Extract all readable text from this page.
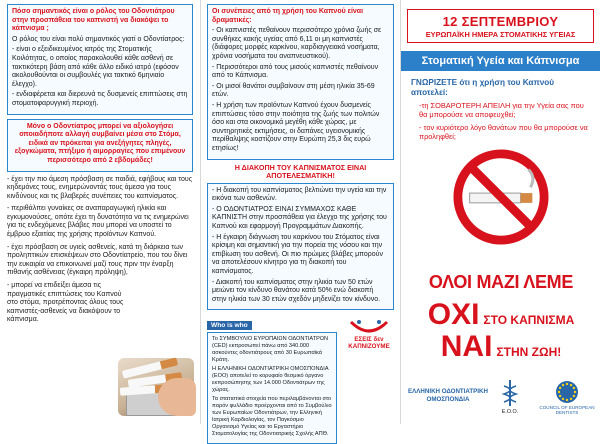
Πόσο σημαντικός είναι ο ρόλος του Οδοντιάτρου στην προσπάθεια του καπνιστή να διακόψει το κάπνισμα ;

Ο ρόλος του είναι πολύ σημαντικός γιατί ο Οδοντίατρος:

- είναι ο εξειδικευμένος ιατρός της Στοματικής Κοιλότητας, ο οποίος παρακολουθεί κάθε ασθενή σε τακτικότερη βάση από κάθε άλλο ειδικό ιατρό (εφόσον ακολουθούνται οι συμβουλές για τακτικό 6μηνιαίο έλεγχο).

- ενδιαφέρεται και διερευνά τις δυσμενείς επιπτώσεις στη στοματοφαρυγγική περιοχή.

Μόνο ο Οδοντίατρος μπορεί να αξιολογήσει οποιαδήποτε αλλαγή συμβαίνει μέσα στο Στόμα, ειδικά αν πρόκειται για ανεξήγητες πληγές, εξογκώματα, πτήξιμο ή αιμορραγίες που επιμένουν περισσότερο από 2 εβδομάδες!

- έχει την πιο άμεση πρόσβαση σε παιδιά, εφήβους και τους κηδεμόνες τους, ενημερώνοντάς τους άμεσα για τους κινδύνους και τις βλαβερές συνέπειες του καπνίσματος.

- περιθάλπει γυναίκες σε αναπαραγωγική ηλικία και εγκυμονούσες, οπότε έχει τη δυνατότητα να τις ενημερώνει για τις ενδεχόμενες βλάβες που μπορεί να υποστεί το έμβρυο εξαιτίας της χρήσης προϊόντων Καπνού.

- έχει πρόσβαση σε υγιείς ασθενείς, κατά τη διάρκεια των προληπτικών επισκέψεων στο Οδοντίατρείο, που του δίνει την ευκαιρία να επικοινωνεί μαζί τους πριν την έναρξη πιθανής ασθένειας (έγκαιρη πρόληψη),

- μπορεί να επιδείξει άμεσα τις πραγματικές επιπτώσεις του Καπνού στο στόμα, προτρέποντας όλους τους καπνιστές-ασθενείς να διακόψουν το κάπνισμα.

Οι συνέπειες από τη χρήση του Καπνού είναι δραματικές:

- Οι καπνιστές πεθαίνουν περισσότερο χρόνια ζωής σε συνθήκες κακής υγείας από 6,11 οι μη καπνιστές (διάφορες μορφές καρκίνου, καρδιαγγειακά νοσήματα, χρόνια νοσήματα του αναπνευστικού).

- Περισσότεροι από τους μισούς καπνιστές πεθαίνουν από το Κάπνισμα.

- Οι μισοί θανάτοι συμβαίνουν στη μέση ηλικία 35-69 ετών.

- Η χρήση των προϊόντων Καπνού έχουν δυσμενείς επιπτώσεις τόσο στην ποιότητα της ζωής των πολιτών όσο και στα οικονομικά μεγέθη κάθε χώρας, με συντηρητικές εκτιμήσεις, οι δαπάνες υγειονομικής περίθαλψης κοστίζουν στην Ευρώπη 25,3 δις ευρώ ετησίως!

Η ΔΙΑΚΟΠΗ ΤΟΥ ΚΑΠΝΙΣΜΑΤΟΣ ΕΙΝΑΙ ΑΠΟΤΕΛΕΣΜΑΤΙΚΗ!

- Η διακοπή του καπνίσματος βελτιώνει την υγεία και την εικόνα των ασθενών.

- Ο ΟΔΟΝΤΙΑΤΡΟΣ ΕΙΝΑΙ ΣΥΜΜΑΧΟΣ ΚΑΘΕ ΚΑΠΝΙΣΤΗ στην προσπάθεια για έλεγχο της χρήσης του Καπνού και εφαρμογή Προγραμμάτων Διακοπής.

- Η έγκαιρη διάγνωση του καρκίνου του Στόματος είναι κρίσιμη και σημαντική για την πορεία της νόσου και την επιβίωση του ασθενή. Οι πιο πρώιμες βλάβες μπορούν να αποτελέσουν κίνητρο για τη διακοπή του καπνίσματος.

- Διακοπή του καπνίσματος στην ηλικία των 50 ετών μειώνει τον κίνδυνο θανάτου κατά 50% ενώ διακοπή στην ηλικία των 30 ετών σχεδόν μηδενίζει τον κίνδυνο.

Who is who

Το ΣΥΜΒΟΥΛΙΟ ΕΥΡΩΠΑΙΩΝ ΟΔΟΝΤΙΑΤΡΩΝ (CED) εκπροσωπεί πάνω από 340.000 ασκούντες οδοντιάτρους από 30 Ευρωπαϊκά Κράτη.

Η ΕΛΛΗΝΙΚΗ ΟΔΟΝΤΙΑΤΡΙΚΗ ΟΜΟΣΠΟΝΔΙΑ (ΕΟΟ) αποτελεί το κορυφαίο θεσμικό όργανο εκπροσώπησης των 14.000 Οδοντιάτρων της χώρας.

Τα στατιστικά στοιχεία που περιλαμβάνονται στο παρόν φυλλάδιο προέρχονται από το Συμβούλιο των Ευρωπαίων Οδοντιάτρων, την Ελληνική Ιατρική Καρδιολογίας, τον Παγκόσμιο Οργανισμό Υγείας και το Εργαστήριο Στοματολογίας της Οδοντιατρικής Σχολής ΑΠΘ.

ΕΣΕΙΣ δεν ΚΑΠΝΙΖΟΥΜΕ
12 ΣΕΠΤΕΜΒΡΙΟΥ
ΕΥΡΩΠΑΪΚΗ ΗΜΕΡΑ ΣΤΟΜΑΤΙΚΗΣ ΥΓΕΙΑΣ
Στοματική Υγεία και Κάπνισμα
ΓΝΩΡΙΖΕΤΕ ότι η χρήση του Καπνού αποτελεί:
-τη ΣΟΒΑΡΟΤΕΡΗ ΑΠΕΙΛΗ για την Υγεία σας που θα μπορούσε να αποφευχθεί;
- τον κυριότερο λόγο θανάτων που θα μπορούσε να προληφθεί;
ΟΛΟΙ ΜΑΖΙ ΛΕΜΕ
ΟΧΙ ΣΤΟ ΚΑΠΝΙΣΜΑ
ΝΑΙ ΣΤΗΝ ΖΩΗ!
ΕΛΛΗΝΙΚΗ ΟΔΟΝΤΙΑΤΡΙΚΗ ΟΜΟΣΠΟΝΔΙΑ
Ε.Ο.Ο.
COUNCIL OF EUROPEAN DENTISTS
